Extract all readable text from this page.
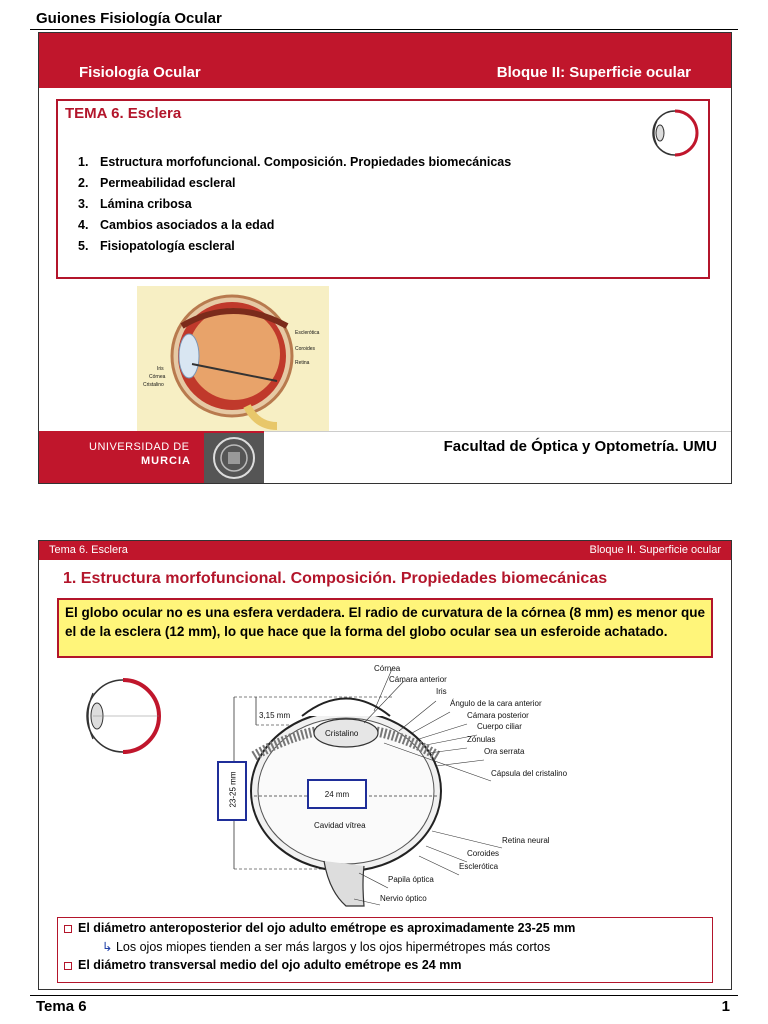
Guiones Fisiología Ocular
Fisiología Ocular	Bloque II: Superficie ocular
TEMA 6. Esclera
1. Estructura morfofuncional. Composición. Propiedades biomecánicas
2. Permeabilidad escleral
3. Lámina cribosa
4. Cambios asociados a la edad
5. Fisiopatología escleral
Esclerótica
Coroides
Retina
Iris
Córnea
Cristalino
UNIVERSIDAD DE
MURCIA
Facultad de Óptica y Optometría. UMU
Tema 6. Esclera	Bloque II. Superficie ocular
1. Estructura morfofuncional. Composición. Propiedades biomecánicas
El globo ocular no es una esfera verdadera. El radio de curvatura de la córnea (8 mm) es menor que el de la esclera (12 mm), lo que hace que la forma del globo ocular sea un esferoide achatado.
Córnea
Cámara anterior
Iris
Ángulo de la cara anterior
Cámara posterior
Cuerpo ciliar
Zónulas
Ora serrata
Cápsula del cristalino
Retina neural
Coroides
Esclerótica
Papila óptica
Nervio óptico
Cristalino
Cavidad vítrea
3,15 mm
24 mm
23-25 mm
El diámetro anteroposterior del ojo adulto emétrope es aproximadamente 23-25 mm
↳ Los ojos miopes tienden a ser más largos y los ojos hipermétropes más cortos
El diámetro transversal medio del ojo adulto emétrope es 24 mm
Tema 6	1
